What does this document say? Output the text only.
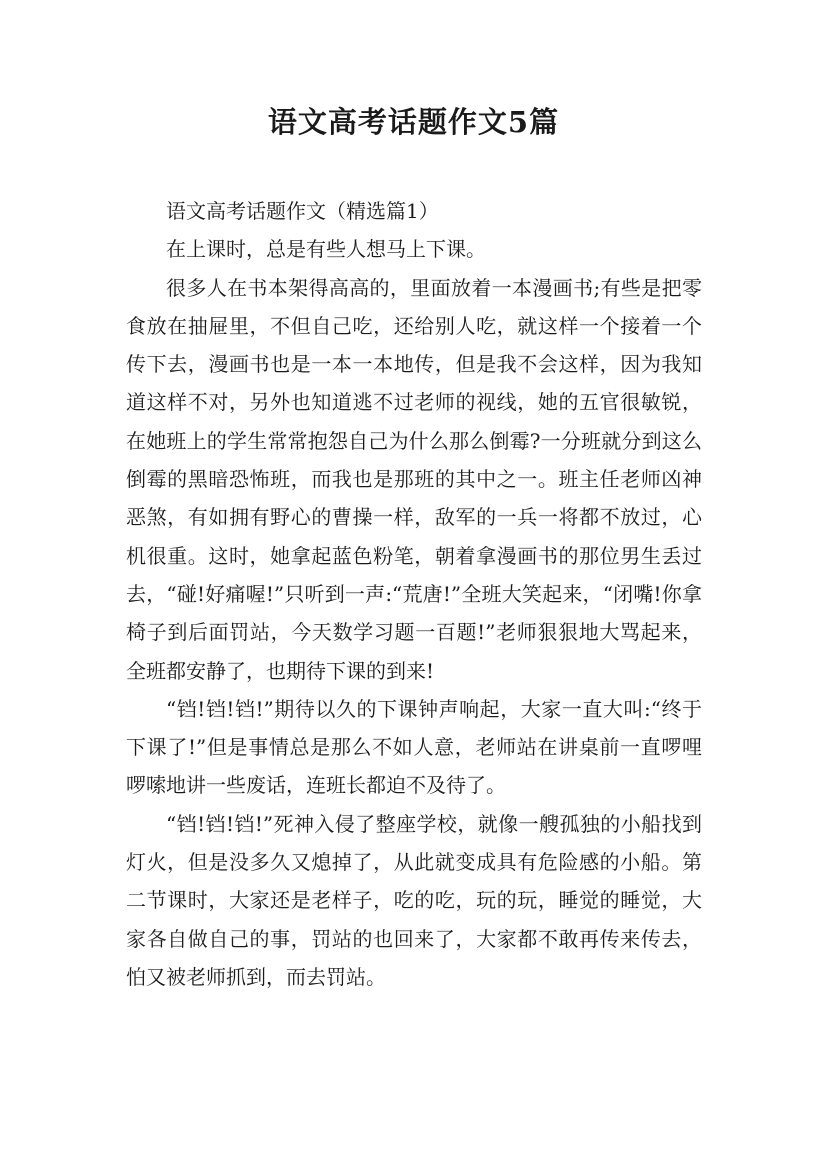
语文高考话题作文5篇

语文高考话题作文（精选篇1）

在上课时，总是有些人想马上下课。

很多人在书本架得高高的，里面放着一本漫画书;有些是把零食放在抽屉里，不但自己吃，还给别人吃，就这样一个接着一个传下去，漫画书也是一本一本地传，但是我不会这样，因为我知道这样不对，另外也知道逃不过老师的视线，她的五官很敏锐，在她班上的学生常常抱怨自己为什么那么倒霉?一分班就分到这么倒霉的黑暗恐怖班，而我也是那班的其中之一。班主任老师凶神恶煞，有如拥有野心的曹操一样，敌军的一兵一将都不放过，心机很重。这时，她拿起蓝色粉笔，朝着拿漫画书的那位男生丢过去，“碰!好痛喔!”只听到一声:“荒唐!”全班大笑起来，“闭嘴!你拿椅子到后面罚站，今天数学习题一百题!”老师狠狠地大骂起来，全班都安静了，也期待下课的到来!

“铛!铛!铛!”期待以久的下课钟声响起，大家一直大叫:“终于下课了!”但是事情总是那么不如人意，老师站在讲桌前一直啰哩啰嗦地讲一些废话，连班长都迫不及待了。

“铛!铛!铛!”死神入侵了整座学校，就像一艘孤独的小船找到灯火，但是没多久又熄掉了，从此就变成具有危险感的小船。第二节课时，大家还是老样子，吃的吃，玩的玩，睡觉的睡觉，大家各自做自己的事，罚站的也回来了，大家都不敢再传来传去，怕又被老师抓到，而去罚站。
